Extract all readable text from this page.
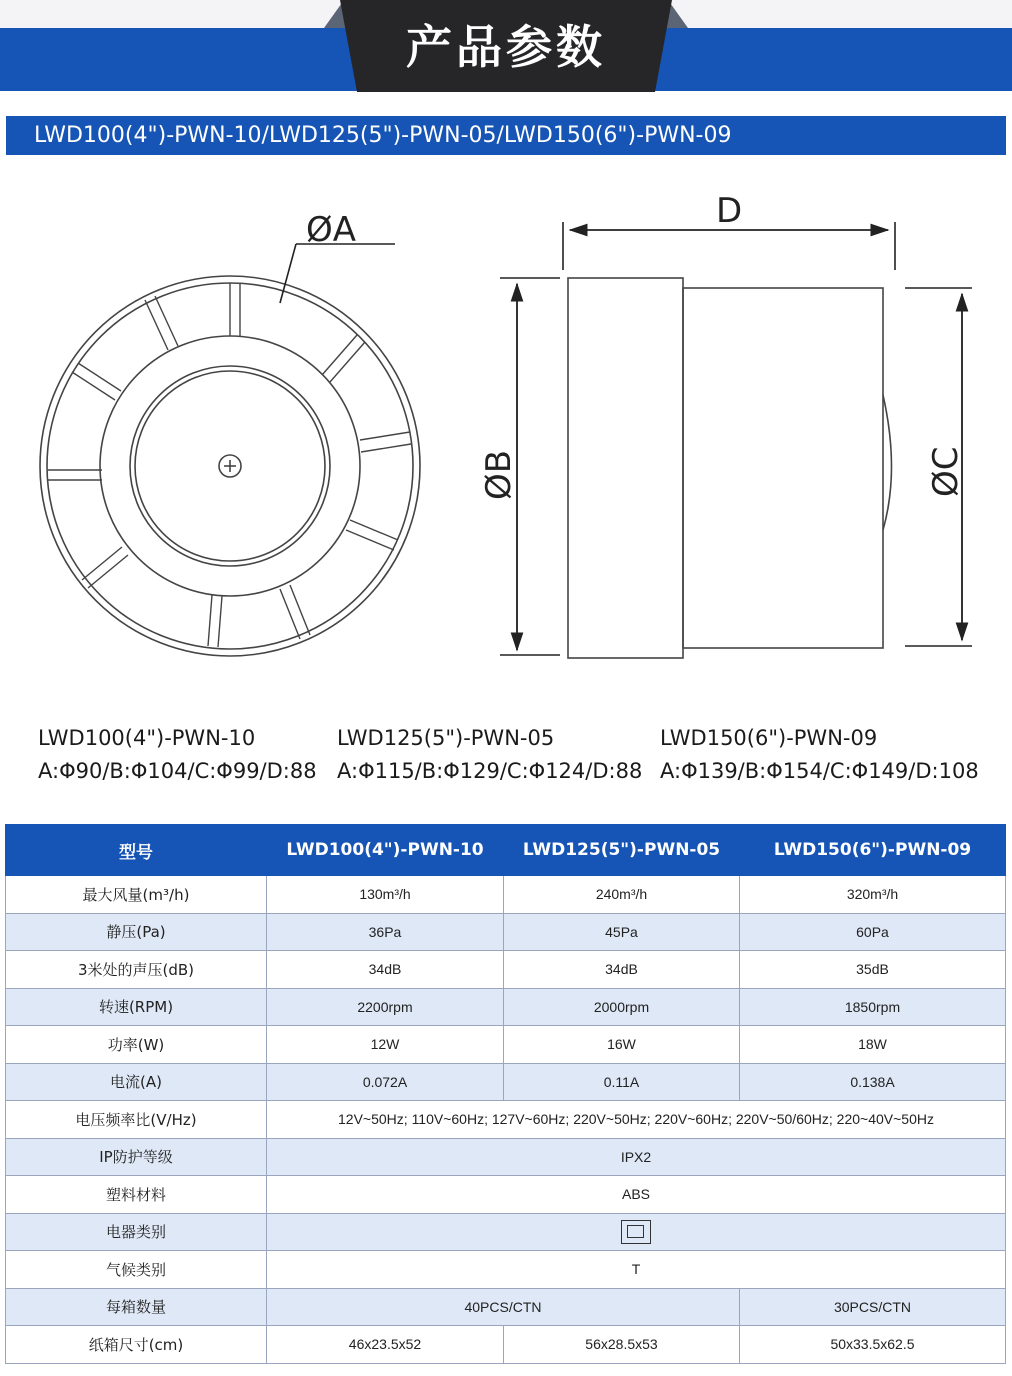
产品参数
LWD100(4")-PWN-10/LWD125(5")-PWN-05/LWD150(6")-PWN-09
ØA	D
ØB	ØC
LWD100(4")-PWN-10
A:Φ90/B:Φ104/C:Φ99/D:88
LWD125(5")-PWN-05
A:Φ115/B:Φ129/C:Φ124/D:88
LWD150(6")-PWN-09
A:Φ139/B:Φ154/C:Φ149/D:108
型号	LWD100(4")-PWN-10	LWD125(5")-PWN-05	LWD150(6")-PWN-09
最大风量(m³/h)	130m³/h	240m³/h	320m³/h
静压(Pa)	36Pa	45Pa	60Pa
3米处的声压(dB)	34dB	34dB	35dB
转速(RPM)	2200rpm	2000rpm	1850rpm
功率(W)	12W	16W	18W
电流(A)	0.072A	0.11A	0.138A
电压频率比(V/Hz)	12V~50Hz; 110V~60Hz; 127V~60Hz; 220V~50Hz; 220V~60Hz; 220V~50/60Hz; 220~40V~50Hz		
IP防护等级	IPX2		
塑料材料	ABS		
电器类别			
气候类别	T		
每箱数量	40PCS/CTN		30PCS/CTN
纸箱尺寸(cm)	46x23.5x52	56x28.5x53	50x33.5x62.5
